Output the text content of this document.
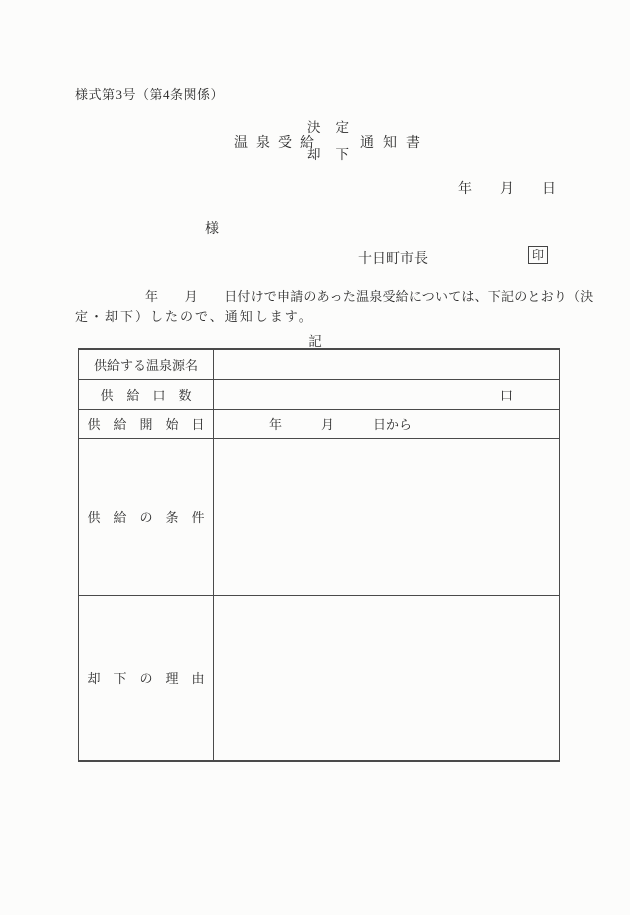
様式第3号（第4条関係）
温泉受給
決定
却下
通知書
年　　月　　日
様
十日町市長	印
年　　月　　日付けで申請のあった温泉受給については、下記のとおり（決
定・却下）したので、通知します。
記
供給する温泉源名	
供　給　口　数	口

供　給　開　始　日	年　　　月　　　日から

供　給　の　条　件	
却　下　の　理　由	
